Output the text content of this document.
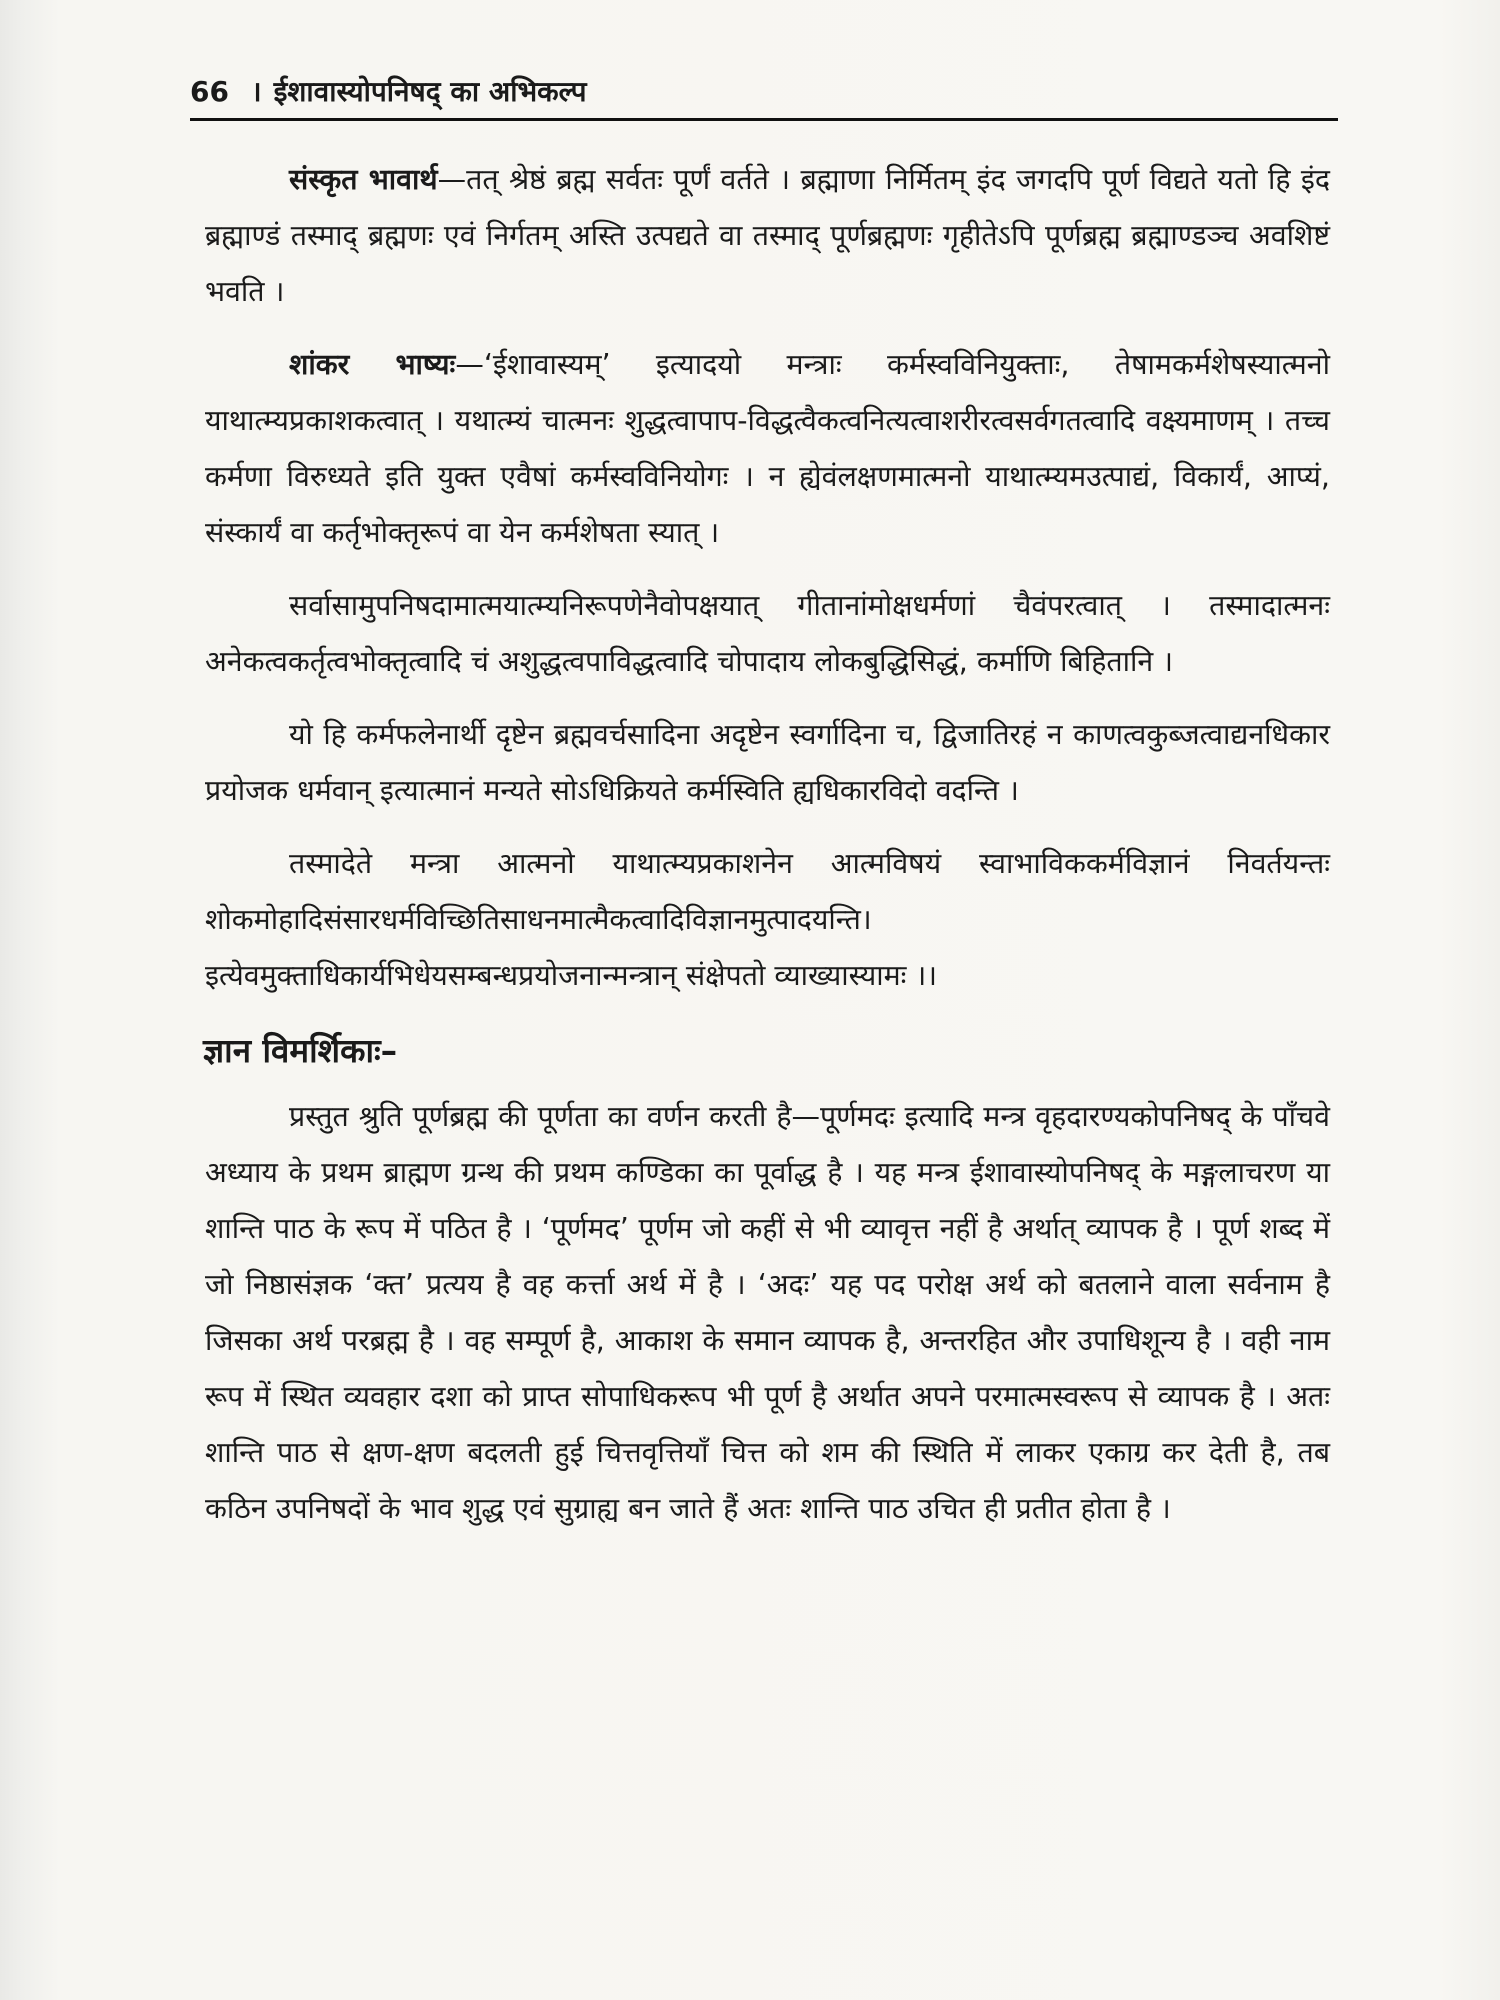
66 । ईशावास्योपनिषद् का अभिकल्प

संस्कृत भावार्थ—तत् श्रेष्ठं ब्रह्म सर्वतः पूर्णं वर्तते । ब्रह्माणा निर्मितम् इंद जगदपि पूर्ण विद्यते यतो हि इंद ब्रह्माण्डं तस्माद् ब्रह्मणः एवं निर्गतम् अस्ति उत्पद्यते वा तस्माद् पूर्णब्रह्मणः गृहीतेऽपि पूर्णब्रह्म ब्रह्माण्डञ्च अवशिष्टं भवति ।

शांकर भाष्यः—‘ईशावास्यम्’ इत्यादयो मन्त्राः कर्मस्वविनियुक्ताः, तेषामकर्मशेषस्यात्मनो याथात्म्यप्रकाशकत्वात् । यथात्म्यं चात्मनः शुद्धत्वापाप-विद्धत्वैकत्वनित्यत्वाशरीरत्वसर्वगतत्वादि वक्ष्यमाणम् । तच्च कर्मणा विरुध्यते इति युक्त एवैषां कर्मस्वविनियोगः । न ह्येवंलक्षणमात्मनो याथात्म्यमउत्पाद्यं, विकार्यं, आप्यं, संस्कार्यं वा कर्तृभोक्तृरूपं वा येन कर्मशेषता स्यात् ।

सर्वासामुपनिषदामात्मयात्म्यनिरूपणेनैवोपक्षयात् गीतानांमोक्षधर्मणां चैवंपरत्वात् । तस्मादात्मनः अनेकत्वकर्तृत्वभोक्तृत्वादि चं अशुद्धत्वपाविद्धत्वादि चोपादाय लोकबुद्धिसिद्धं, कर्माणि बिहितानि ।

यो हि कर्मफलेनार्थी दृष्टेन ब्रह्मवर्चसादिना अदृष्टेन स्वर्गादिना च, द्विजातिरहं न काणत्वकुब्जत्वाद्यनधिकार प्रयोजक धर्मवान् इत्यात्मानं मन्यते सोऽधिक्रियते कर्मस्विति ह्यधिकारविदो वदन्ति ।

तस्मादेते मन्त्रा आत्मनो याथात्म्यप्रकाशनेन आत्मविषयं स्वाभाविककर्मविज्ञानं निवर्तयन्तः शोकमोहादिसंसारधर्मविच्छितिसाधनमात्मैकत्वादिविज्ञानमुत्पादयन्ति। इत्येवमुक्ताधिकार्यभिधेयसम्बन्धप्रयोजनान्मन्त्रान् संक्षेपतो व्याख्यास्यामः ।।

ज्ञान विमर्शिकाः–

प्रस्तुत श्रुति पूर्णब्रह्म की पूर्णता का वर्णन करती है—पूर्णमदः इत्यादि मन्त्र वृहदारण्यकोपनिषद् के पाँचवे अध्याय के प्रथम ब्राह्मण ग्रन्थ की प्रथम कण्डिका का पूर्वाद्ध है । यह मन्त्र ईशावास्योपनिषद् के मङ्गलाचरण या शान्ति पाठ के रूप में पठित है । ‘पूर्णमद’ पूर्णम जो कहीं से भी व्यावृत्त नहीं है अर्थात् व्यापक है । पूर्ण शब्द में जो निष्ठासंज्ञक ‘क्त’ प्रत्यय है वह कर्त्ता अर्थ में है । ‘अदः’ यह पद परोक्ष अर्थ को बतलाने वाला सर्वनाम है जिसका अर्थ परब्रह्म है । वह सम्पूर्ण है, आकाश के समान व्यापक है, अन्तरहित और उपाधिशून्य है । वही नाम रूप में स्थित व्यवहार दशा को प्राप्त सोपाधिकरूप भी पूर्ण है अर्थात अपने परमात्मस्वरूप से व्यापक है । अतः शान्ति पाठ से क्षण-क्षण बदलती हुई चित्तवृत्तियाँ चित्त को शम की स्थिति में लाकर एकाग्र कर देती है, तब कठिन उपनिषदों के भाव शुद्ध एवं सुग्राह्य बन जाते हैं अतः शान्ति पाठ उचित ही प्रतीत होता है ।
